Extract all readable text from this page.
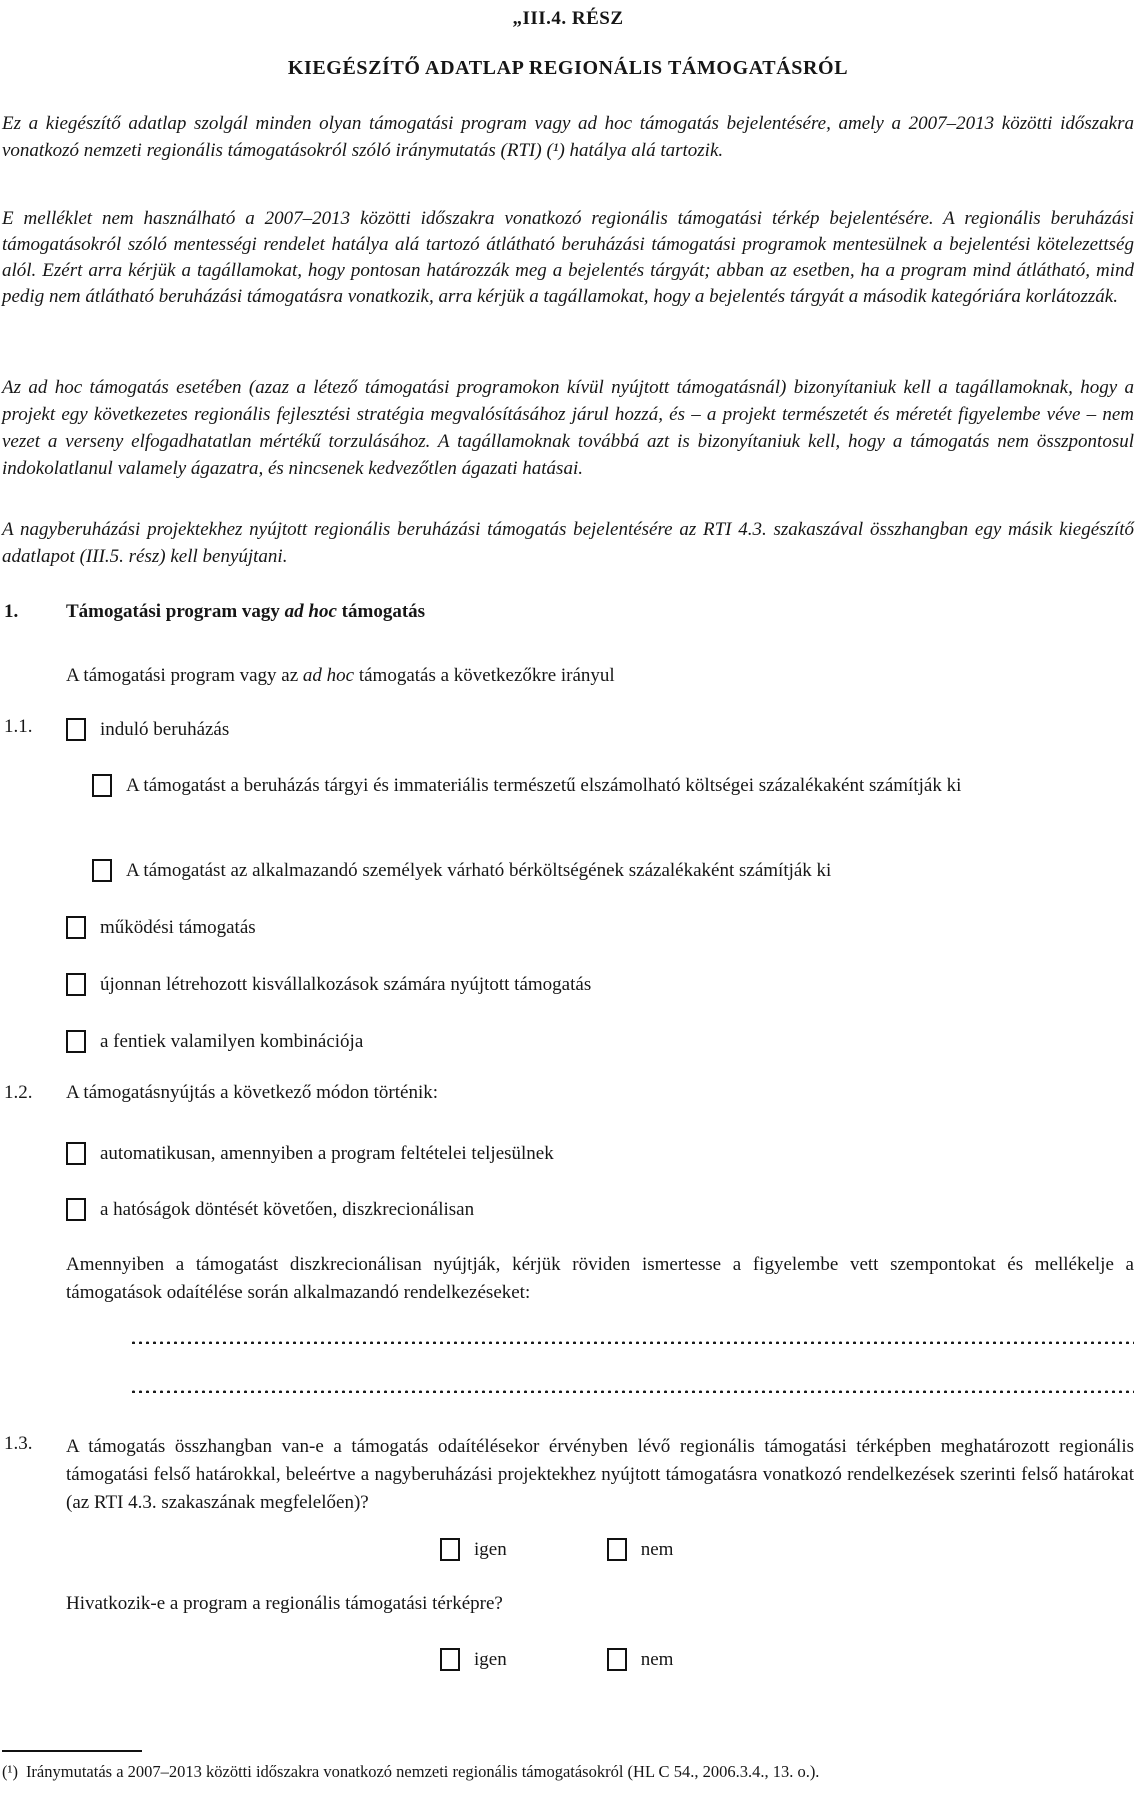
„III.4. RÉSZ
KIEGÉSZÍTŐ ADATLAP REGIONÁLIS TÁMOGATÁSRÓL
Ez a kiegészítő adatlap szolgál minden olyan támogatási program vagy ad hoc támogatás bejelentésére, amely a 2007–2013 közötti időszakra vonatkozó nemzeti regionális támogatásokról szóló iránymutatás (RTI) (¹) hatálya alá tartozik.
E melléklet nem használható a 2007–2013 közötti időszakra vonatkozó regionális támogatási térkép bejelentésére. A regionális beruházási támogatásokról szóló mentességi rendelet hatálya alá tartozó átlátható beruházási támogatási programok mentesülnek a bejelentési kötelezettség alól. Ezért arra kérjük a tagállamokat, hogy pontosan határozzák meg a bejelentés tárgyát; abban az esetben, ha a program mind átlátható, mind pedig nem átlátható beruházási támogatásra vonatkozik, arra kérjük a tagállamokat, hogy a bejelentés tárgyát a második kategóriára korlátozzák.
Az ad hoc támogatás esetében (azaz a létező támogatási programokon kívül nyújtott támogatásnál) bizonyítaniuk kell a tagállamoknak, hogy a projekt egy következetes regionális fejlesztési stratégia megvalósításához járul hozzá, és – a projekt természetét és méretét figyelembe véve – nem vezet a verseny elfogadhatatlan mértékű torzulásához. A tagállamoknak továbbá azt is bizonyítaniuk kell, hogy a támogatás nem összpontosul indokolatlanul valamely ágazatra, és nincsenek kedvezőtlen ágazati hatásai.
A nagyberuházási projektekhez nyújtott regionális beruházási támogatás bejelentésére az RTI 4.3. szakaszával összhangban egy másik kiegészítő adatlapot (III.5. rész) kell benyújtani.
1.	Támogatási program vagy ad hoc támogatás
A támogatási program vagy az ad hoc támogatás a következőkre irányul
1.1.	induló beruházás
A támogatást a beruházás tárgyi és immateriális természetű elszámolható költségei százalékaként számítják ki
A támogatást az alkalmazandó személyek várható bérköltségének százalékaként számítják ki
működési támogatás
újonnan létrehozott kisvállalkozások számára nyújtott támogatás
a fentiek valamilyen kombinációja
1.2. A támogatásnyújtás a következő módon történik:
automatikusan, amennyiben a program feltételei teljesülnek
a hatóságok döntését követően, diszkrecionálisan
Amennyiben a támogatást diszkrecionálisan nyújtják, kérjük röviden ismertesse a figyelembe vett szempontokat és mellékelje a támogatások odaítélése során alkalmazandó rendelkezéseket:
1.3. A támogatás összhangban van-e a támogatás odaítélésekor érvényben lévő regionális támogatási térképben meghatározott regionális támogatási felső határokkal, beleértve a nagyberuházási projektekhez nyújtott támogatásra vonatkozó rendelkezések szerinti felső határokat (az RTI 4.3. szakaszának megfelelően)?
igen	nem
Hivatkozik-e a program a regionális támogatási térképre?
igen	nem
(¹) Iránymutatás a 2007–2013 közötti időszakra vonatkozó nemzeti regionális támogatásokról (HL C 54., 2006.3.4., 13. o.).
